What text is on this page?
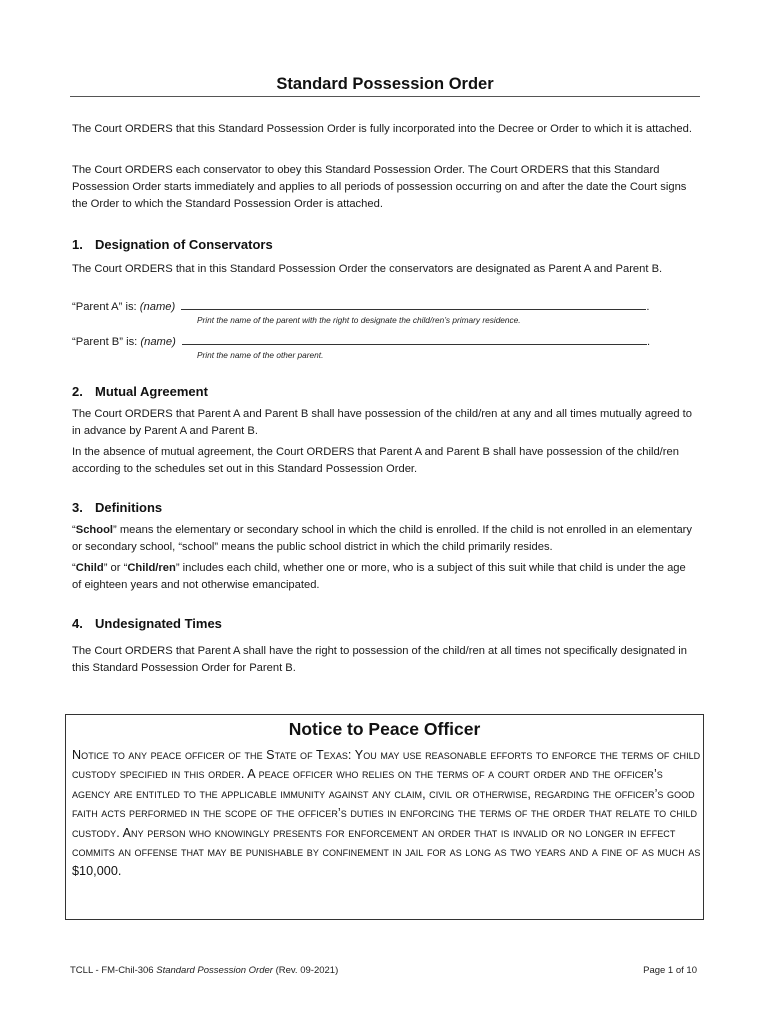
Standard Possession Order
The Court ORDERS that this Standard Possession Order is fully incorporated into the Decree or Order to which it is attached.
The Court ORDERS each conservator to obey this Standard Possession Order. The Court ORDERS that this Standard Possession Order starts immediately and applies to all periods of possession occurring on and after the date the Court signs the Order to which the Standard Possession Order is attached.
1. Designation of Conservators
The Court ORDERS that in this Standard Possession Order the conservators are designated as Parent A and Parent B.
“Parent A” is: (name)	.
Print the name of the parent with the right to designate the child/ren’s primary residence.
“Parent B” is: (name)	.
Print the name of the other parent.
2. Mutual Agreement
The Court ORDERS that Parent A and Parent B shall have possession of the child/ren at any and all times mutually agreed to in advance by Parent A and Parent B.
In the absence of mutual agreement, the Court ORDERS that Parent A and Parent B shall have possession of the child/ren according to the schedules set out in this Standard Possession Order.
3. Definitions
“School” means the elementary or secondary school in which the child is enrolled. If the child is not enrolled in an elementary or secondary school, “school” means the public school district in which the child primarily resides.
“Child” or “Child/ren” includes each child, whether one or more, who is a subject of this suit while that child is under the age of eighteen years and not otherwise emancipated.
4. Undesignated Times
The Court ORDERS that Parent A shall have the right to possession of the child/ren at all times not specifically designated in this Standard Possession Order for Parent B.
Notice to Peace Officer
Notice to any peace officer of the State of Texas: You may use reasonable efforts to enforce the terms of child custody specified in this order. A peace officer who relies on the terms of a court order and the officer’s agency are entitled to the applicable immunity against any claim, civil or otherwise, regarding the officer’s good faith acts performed in the scope of the officer’s duties in enforcing the terms of the order that relate to child custody. Any person who knowingly presents for enforcement an order that is invalid or no longer in effect commits an offense that may be punishable by confinement in jail for as long as two years and a fine of as much as $10,000.
TCLL - FM-Chil-306 Standard Possession Order (Rev. 09-2021)	Page 1 of 10
